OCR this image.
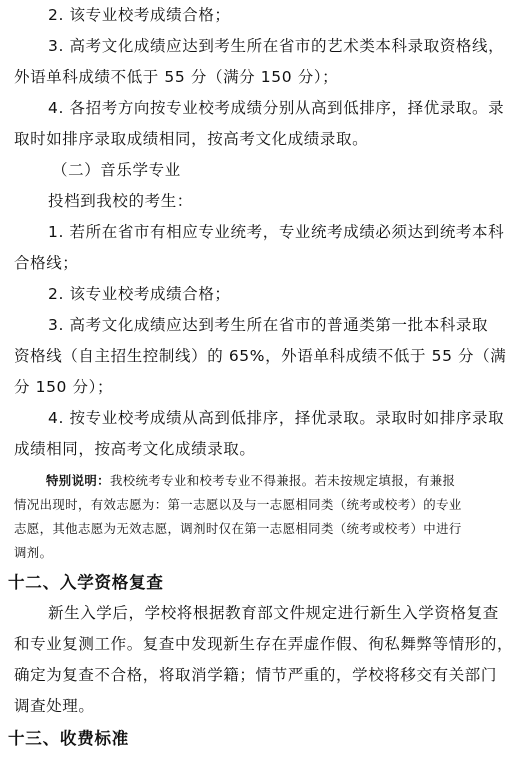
2. 该专业校考成绩合格；
3. 高考文化成绩应达到考生所在省市的艺术类本科录取资格线，
外语单科成绩不低于 55 分（满分 150 分）；
4. 各招考方向按专业校考成绩分别从高到低排序，择优录取。录
取时如排序录取成绩相同，按高考文化成绩录取。
（二）音乐学专业
投档到我校的考生：
1. 若所在省市有相应专业统考，专业统考成绩必须达到统考本科
合格线；
2. 该专业校考成绩合格；
3. 高考文化成绩应达到考生所在省市的普通类第一批本科录取
资格线（自主招生控制线）的 65%，外语单科成绩不低于 55 分（满
分 150 分）；
4. 按专业校考成绩从高到低排序，择优录取。录取时如排序录取
成绩相同，按高考文化成绩录取。
特别说明：我校统考专业和校考专业不得兼报。若未按规定填报，有兼报
情况出现时，有效志愿为：第一志愿以及与一志愿相同类（统考或校考）的专业
志愿，其他志愿为无效志愿，调剂时仅在第一志愿相同类（统考或校考）中进行
调剂。
十二、入学资格复查
新生入学后，学校将根据教育部文件规定进行新生入学资格复查
和专业复测工作。复查中发现新生存在弄虚作假、徇私舞弊等情形的，
确定为复查不合格，将取消学籍；情节严重的，学校将移交有关部门
调查处理。
十三、收费标准
